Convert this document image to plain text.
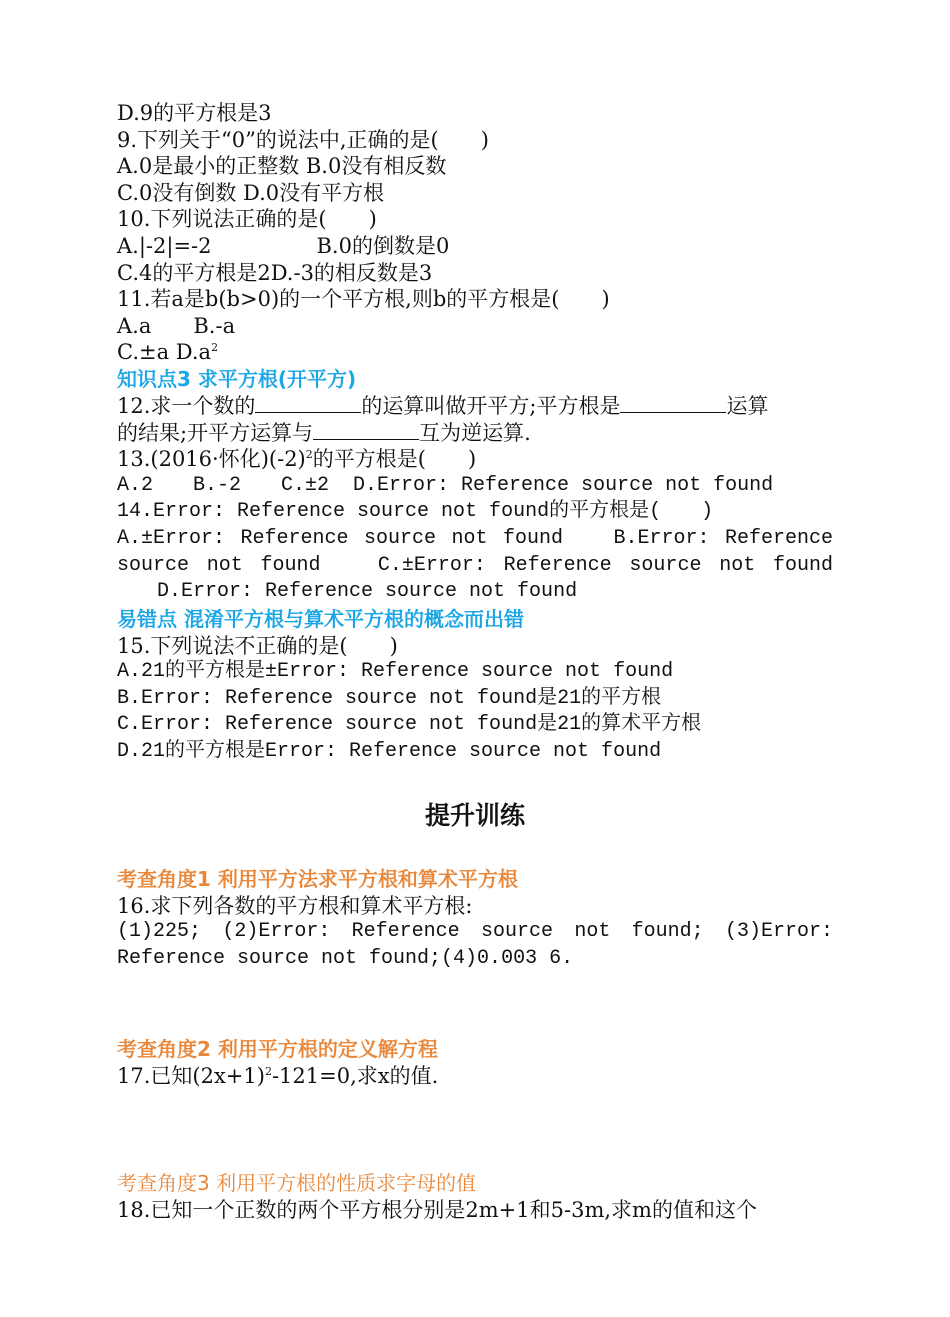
D.9的平方根是3
9.下列关于“0”的说法中,正确的是(　　)
A.0是最小的正整数 B.0没有相反数
C.0没有倒数 D.0没有平方根
10.下列说法正确的是(　　)
A.|-2|=-2　　　　　B.0的倒数是0
C.4的平方根是2D.-3的相反数是3
11.若a是b(b>0)的一个平方根,则b的平方根是(　　)
A.a　　B.-a
C.±a $D.a^2$
知识点3 求平方根(开平方)
12.求一个数的	的运算叫做开平方;平方根是	运算
的结果;开平方运算与	互为逆运算.
13.(2016·怀化)$(-2)^2$的平方根是(　　)
A.2　　B.-2　　C.±2  D.Error: Reference source not found
14.Error: Reference source not found的平方根是(　　)
A.±Error: Reference source not found　　B.Error: Reference
source not found　　C.±Error: Reference source not found
　　D.Error: Reference source not found
易错点 混淆平方根与算术平方根的概念而出错
15.下列说法不正确的是(　　)
A.21的平方根是±Error: Reference source not found
B.Error: Reference source not found是21的平方根
C.Error: Reference source not found是21的算术平方根
D.21的平方根是Error: Reference source not found
提升训练
考查角度1 利用平方法求平方根和算术平方根
16.求下列各数的平方根和算术平方根:
(1)225; (2)Error: Reference source not found; (3)Error:
Reference source not found;(4)0.003 6.
考查角度2 利用平方根的定义解方程
17.已知$(2x+1)^2-121=0$,求x的值.
考查角度3 利用平方根的性质求字母的值
18.已知一个正数的两个平方根分别是2m+1和5-3m,求m的值和这个
